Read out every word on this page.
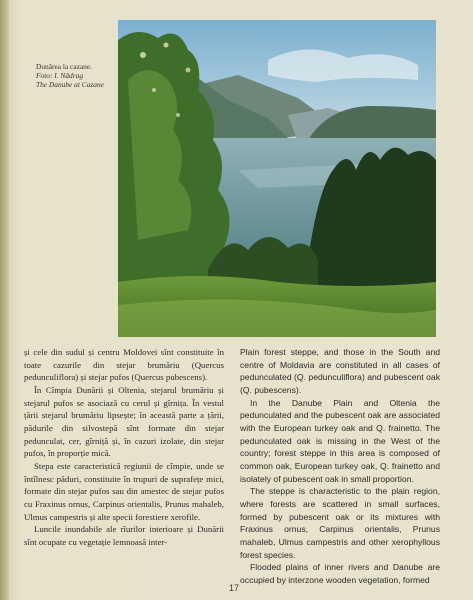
Dunărea la cazane.
Foto: I. Nădrag
The Danube at Cazane

și cele din sudul și centru Moldovei sînt constituite în toate cazurile din stejar brumăriu (Quercus pedunculiflora) și stejar pufos (Quercus pubescens).

În Cîmpia Dunării și Oltenia, stejarul brumăriu și stejarul pufos se asociază cu cerul și gîrnița. În vestul țării stejarul brumăriu lipsește; în această parte a țării, pădurile din silvostepă sînt formate din stejar pedunculat, cer, gîrniță și, în cazuri izolate, din stejar pufos, în proporție mică.

Stepa este caracteristică regiunii de cîmpie, unde se întîlnesc păduri, constituite în trupuri de suprafețe mici, formate din stejar pufos sau din amestec de stejar pufos cu Fraxinus ornus, Carpinus orientalis, Prunus mahaleb, Ulmus campestris și alte specii forestiere xerofile.

Luncile inundabile ale rîurilor interioare și Dunării sînt ocupate cu vegetație lemnoasă inter-

Plain forest steppe, and those in the South and centre of Moldavia are constituted in all cases of pedunculated (Q. pedunculiflora) and pubescent oak (Q. pubescens).

In the Danube Plain and Oltenia the pedunculated and the pubescent oak are associated with the European turkey oak and Q. frainetto. The pedunculated oak is missing in the West of the country; forest steppe in this area is composed of common oak, European turkey oak, Q. frainetto and isolately of pubescent oak in small proportion.

The steppe is characteristic to the plain region, where forests are scattered in small surfaces, formed by pubescent oak or its mixtures with Fraxinus ornus, Carpinus orientalis, Prunus mahaleb, Ulmus campestris and other xerophyllous forest species.

Flooded plains of inner rivers and Danube are occupied by interzone wooden vegetation, formed

17
